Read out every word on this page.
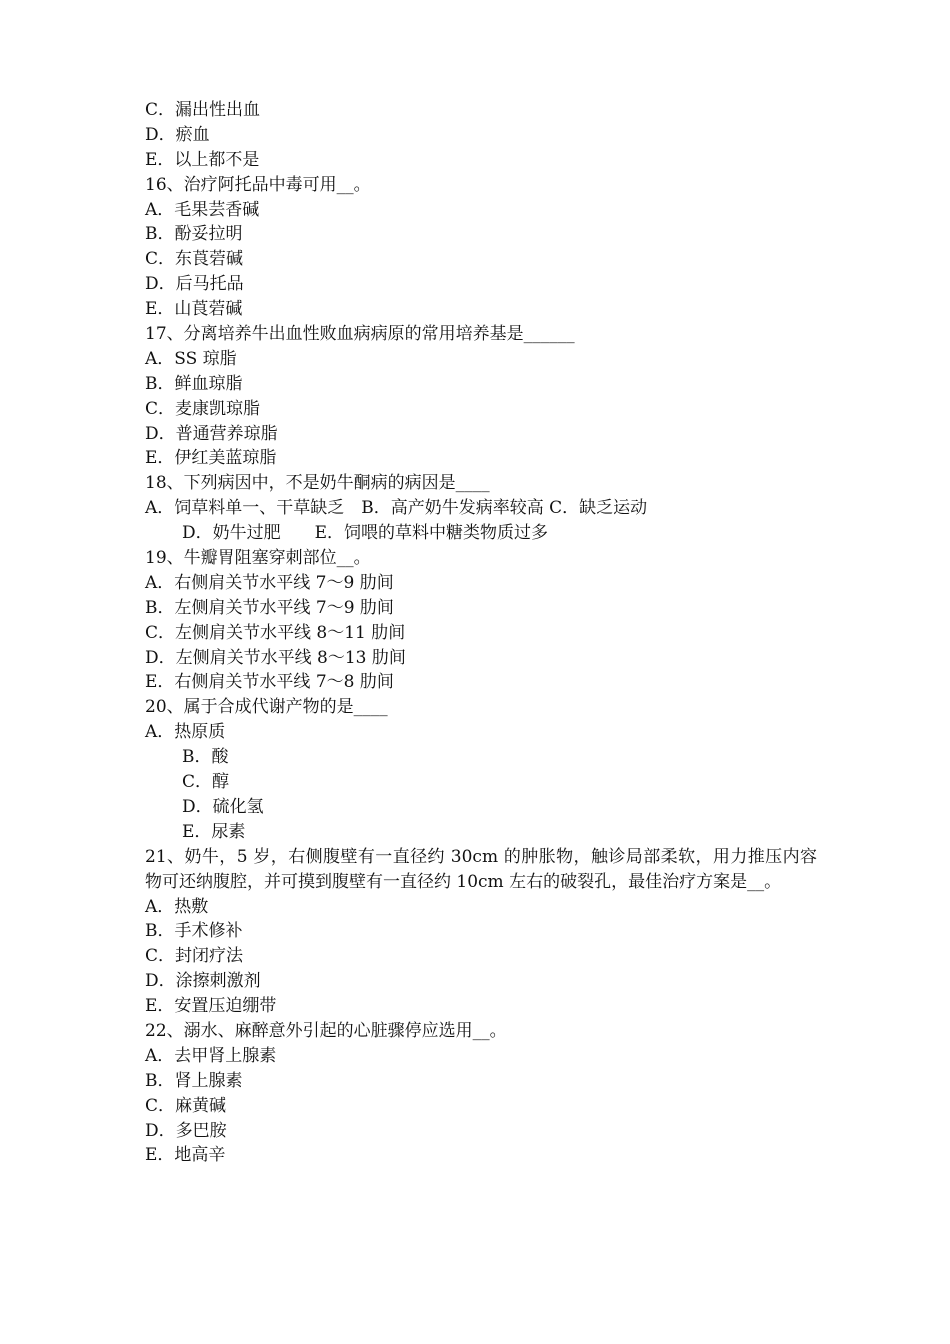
C．漏出性出血
D．瘀血
E．以上都不是
16、治疗阿托品中毒可用__。
A．毛果芸香碱
B．酚妥拉明
C．东莨菪碱
D．后马托品
E．山莨菪碱
17、分离培养牛出血性败血病病原的常用培养基是______
A．SS 琼脂
B．鲜血琼脂
C．麦康凯琼脂
D．普通营养琼脂
E．伊红美蓝琼脂
18、下列病因中，不是奶牛酮病的病因是____
A．饲草料单一、干草缺乏　B．高产奶牛发病率较高 C．缺乏运动
D．奶牛过肥　　E．饲喂的草料中糖类物质过多
19、牛瓣胃阻塞穿刺部位__。
A．右侧肩关节水平线 7～9 肋间
B．左侧肩关节水平线 7～9 肋间
C．左侧肩关节水平线 8～11 肋间
D．左侧肩关节水平线 8～13 肋间
E．右侧肩关节水平线 7～8 肋间
20、属于合成代谢产物的是____
A．热原质
B．酸
C．醇
D．硫化氢
E．尿素
21、奶牛，5 岁，右侧腹壁有一直径约 30cm 的肿胀物，触诊局部柔软，用力推压内容物可还纳腹腔，并可摸到腹壁有一直径约 10cm 左右的破裂孔，最佳治疗方案是__。
A．热敷
B．手术修补
C．封闭疗法
D．涂擦刺激剂
E．安置压迫绷带
22、溺水、麻醉意外引起的心脏骤停应选用__。
A．去甲肾上腺素
B．肾上腺素
C．麻黄碱
D．多巴胺
E．地高辛
